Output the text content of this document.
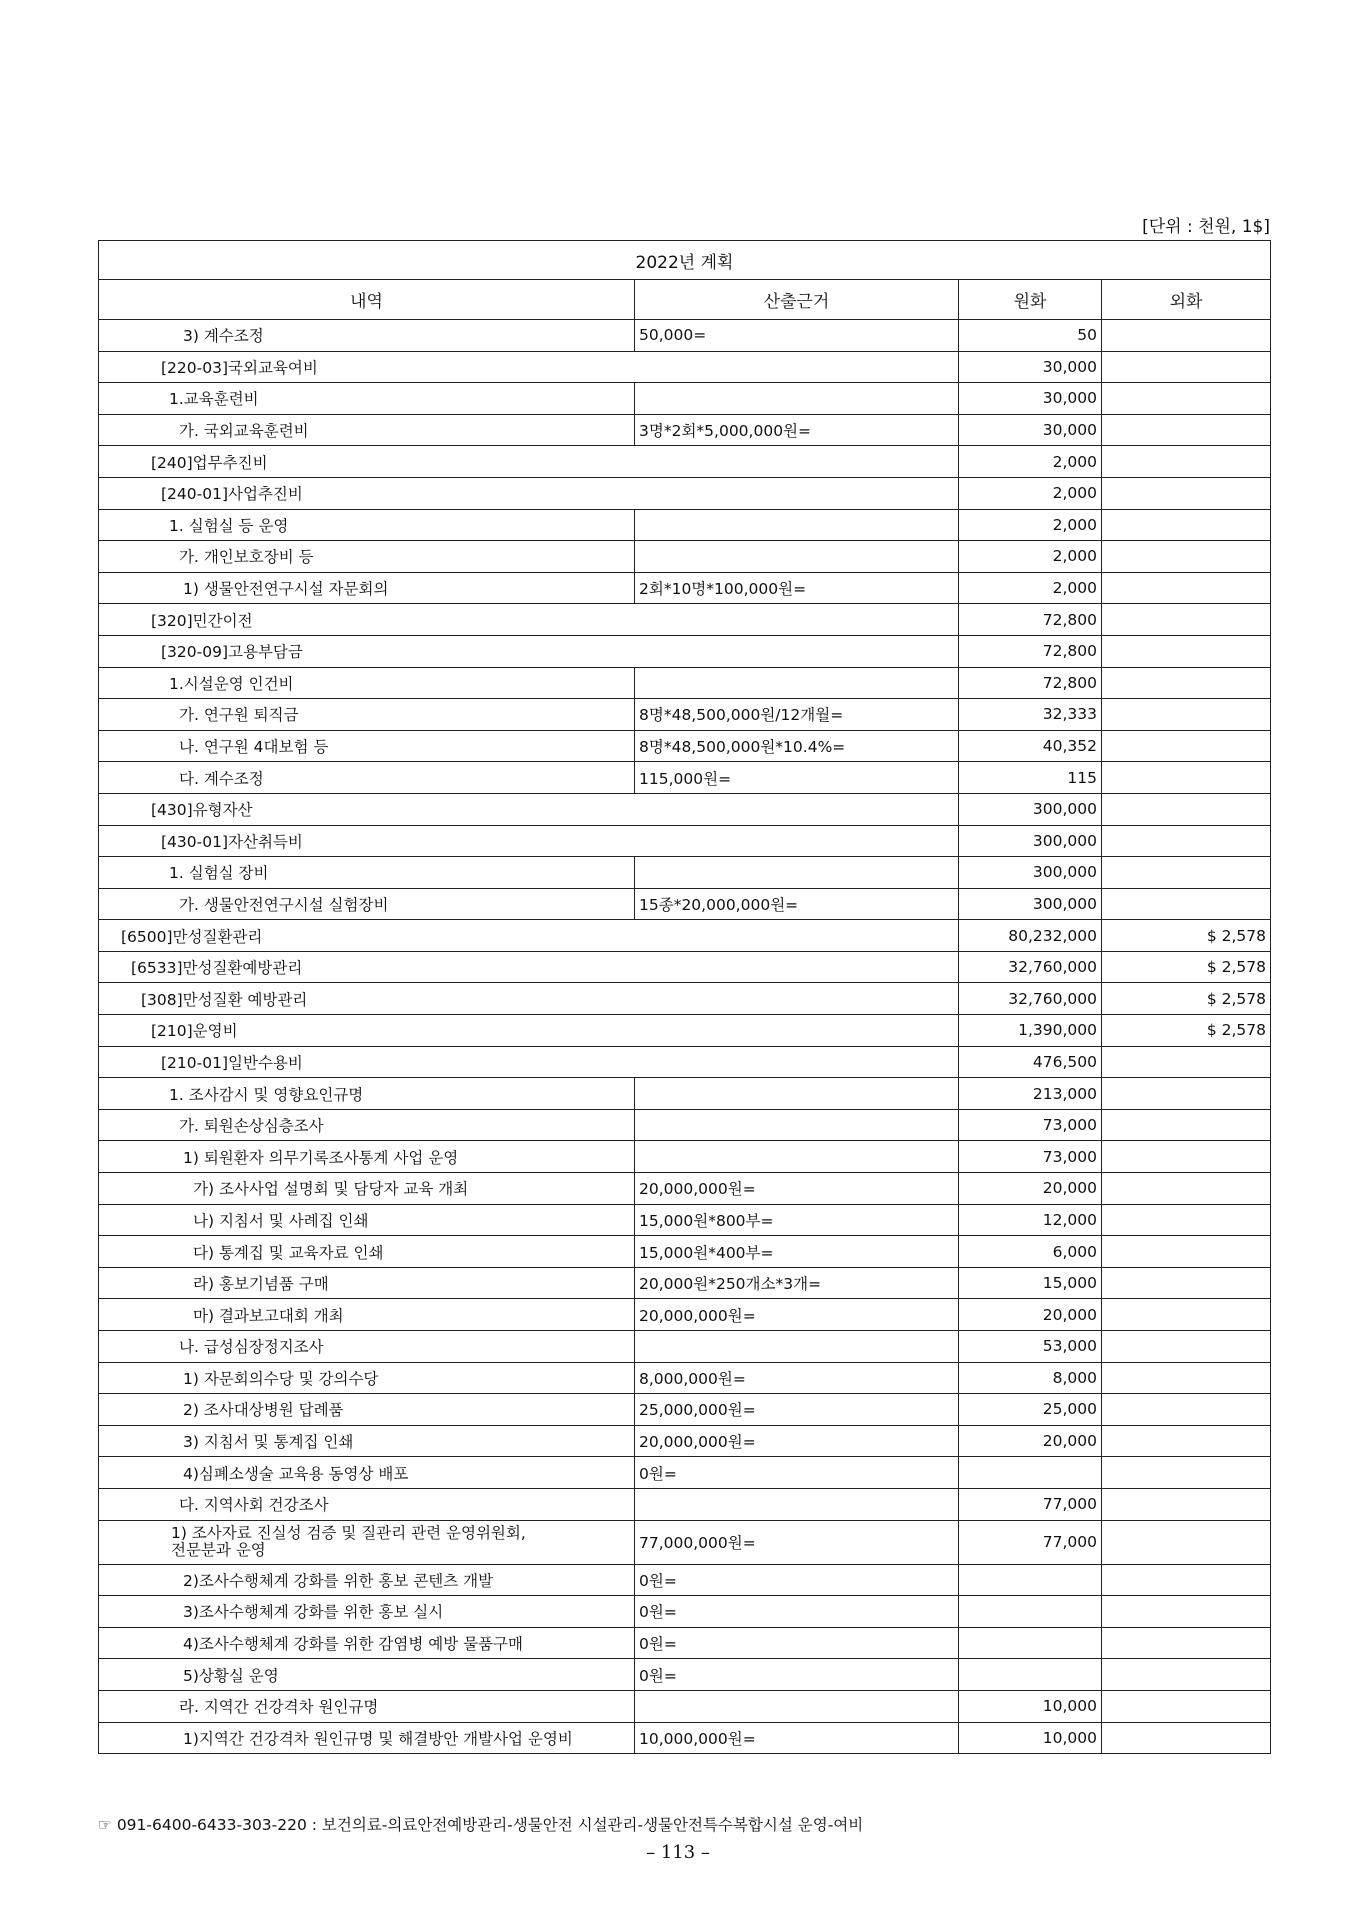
[단위 : 천원, 1$]
2022년 계획			
내역	산출근거	원화	외화
3) 계수조정	50,000=	50	
[220-03]국외교육여비		30,000	
1.교육훈련비		30,000	
가. 국외교육훈련비	3명*2회*5,000,000원=	30,000	
[240]업무추진비		2,000	
[240-01]사업추진비		2,000	
1. 실험실 등 운영		2,000	
가. 개인보호장비 등		2,000	
1) 생물안전연구시설 자문회의	2회*10명*100,000원=	2,000	
[320]민간이전		72,800	
[320-09]고용부담금		72,800	
1.시설운영 인건비		72,800	
가. 연구원 퇴직금	8명*48,500,000원/12개월=	32,333	
나. 연구원 4대보험 등	8명*48,500,000원*10.4%=	40,352	
다. 계수조정	115,000원=	115	
[430]유형자산		300,000	
[430-01]자산취득비		300,000	
1. 실험실 장비		300,000	
가. 생물안전연구시설 실험장비	15종*20,000,000원=	300,000	
[6500]만성질환관리		80,232,000	$ 2,578
[6533]만성질환예방관리		32,760,000	$ 2,578
[308]만성질환 예방관리		32,760,000	$ 2,578
[210]운영비		1,390,000	$ 2,578
[210-01]일반수용비		476,500	
1. 조사감시 및 영향요인규명		213,000	
가. 퇴원손상심층조사		73,000	
1) 퇴원환자 의무기록조사통계 사업 운영		73,000	
가) 조사사업 설명회 및 담당자 교육 개최	20,000,000원=	20,000	
나) 지침서 및 사례집 인쇄	15,000원*800부=	12,000	
다) 통계집 및 교육자료 인쇄	15,000원*400부=	6,000	
라) 홍보기념품 구매	20,000원*250개소*3개=	15,000	
마) 결과보고대회 개최	20,000,000원=	20,000	
나. 급성심장정지조사		53,000	
1) 자문회의수당 및 강의수당	8,000,000원=	8,000	
2) 조사대상병원 답례품	25,000,000원=	25,000	
3) 지침서 및 통계집 인쇄	20,000,000원=	20,000	
4)심폐소생술 교육용 동영상 배포	0원=		
다. 지역사회 건강조사		77,000	
1) 조사자료 진실성 검증 및 질관리 관련 운영위원회,
전문분과 운영	77,000,000원=	77,000	
2)조사수행체계 강화를 위한 홍보 콘텐츠 개발	0원=		
3)조사수행체계 강화를 위한 홍보 실시	0원=		
4)조사수행체계 강화를 위한 감염병 예방 물품구매	0원=		
5)상황실 운영	0원=		
라. 지역간 건강격차 원인규명		10,000	
1)지역간 건강격차 원인규명 및 해결방안 개발사업 운영비	10,000,000원=	10,000	
☞ 091-6400-6433-303-220 : 보건의료-의료안전예방관리-생물안전 시설관리-생물안전특수복합시설 운영-여비
– 113 –
